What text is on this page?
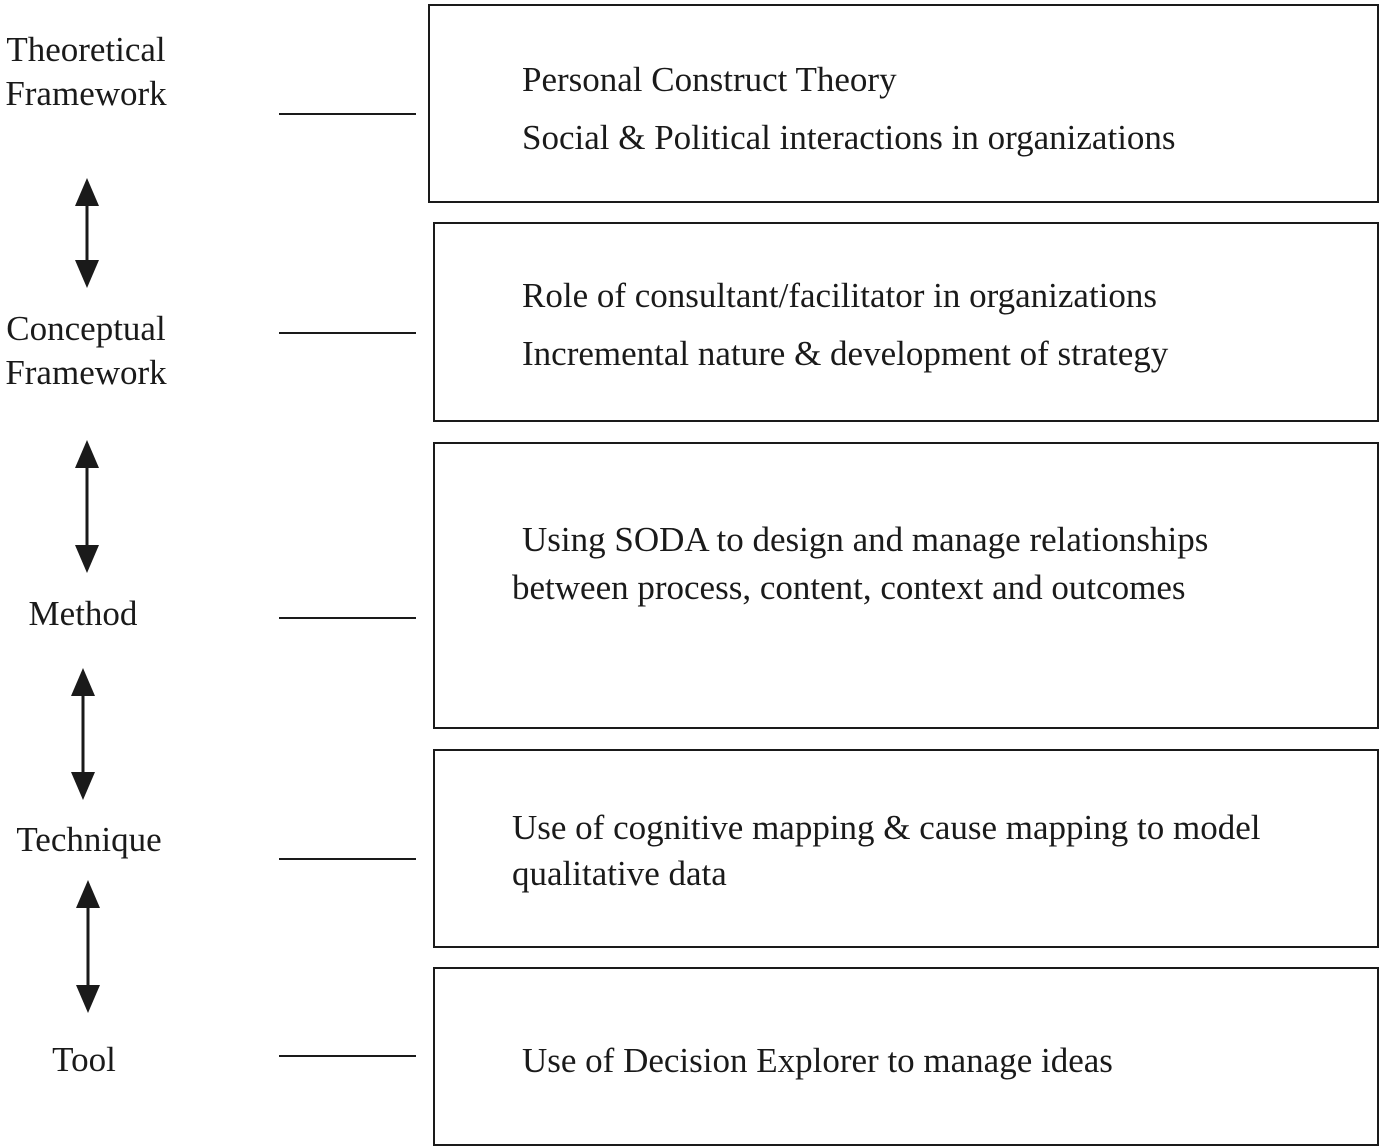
Theoretical
Framework
Conceptual
Framework
Method
Technique
Tool
Personal Construct Theory
Social & Political interactions in organizations
Role of consultant/facilitator in organizations
Incremental nature & development of strategy
Using SODA to design and manage relationships
between process, content, context and outcomes
Use of cognitive mapping & cause mapping to model
qualitative data
Use of Decision Explorer to manage ideas
